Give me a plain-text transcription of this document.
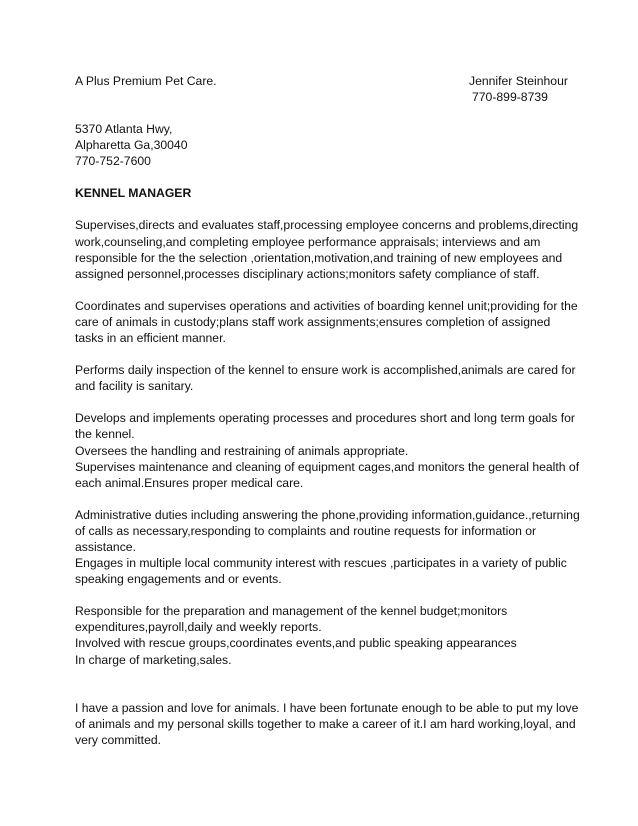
A Plus Premium Pet Care.	Jennifer Steinhour
770-899-8739
5370 Atlanta Hwy,
Alpharetta Ga,30040
770-752-7600
KENNEL MANAGER
Supervises,directs and evaluates staff,processing employee concerns and problems,directing
work,counseling,and completing employee performance appraisals; interviews and am
responsible for the the selection ,orientation,motivation,and training of new employees and
assigned personnel,processes disciplinary actions;monitors safety compliance of staff.
Coordinates and supervises operations and activities of boarding kennel unit;providing for the
care of animals in custody;plans staff work assignments;ensures completion of assigned
tasks in an efficient manner.
Performs daily inspection of the kennel to ensure work is accomplished,animals are cared for
and facility is sanitary.
Develops and implements operating processes and procedures short and long term goals for
the kennel.
Oversees the handling and restraining of animals appropriate.
Supervises maintenance and cleaning of equipment cages,and monitors the general health of
each animal.Ensures proper medical care.
Administrative duties including answering the phone,providing information,guidance.,returning
of calls as necessary,responding to complaints and routine requests for information or
assistance.
Engages in multiple local community interest with rescues ,participates in a variety of public
speaking engagements and or events.
Responsible for the preparation and management of the kennel budget;monitors
expenditures,payroll,daily and weekly reports.
Involved with rescue groups,coordinates events,and public speaking appearances
In charge of marketing,sales.
I have a passion and love for animals. I have been fortunate enough to be able to put my love
of animals and my personal skills together to make a career of it.I am hard working,loyal, and
very committed.
